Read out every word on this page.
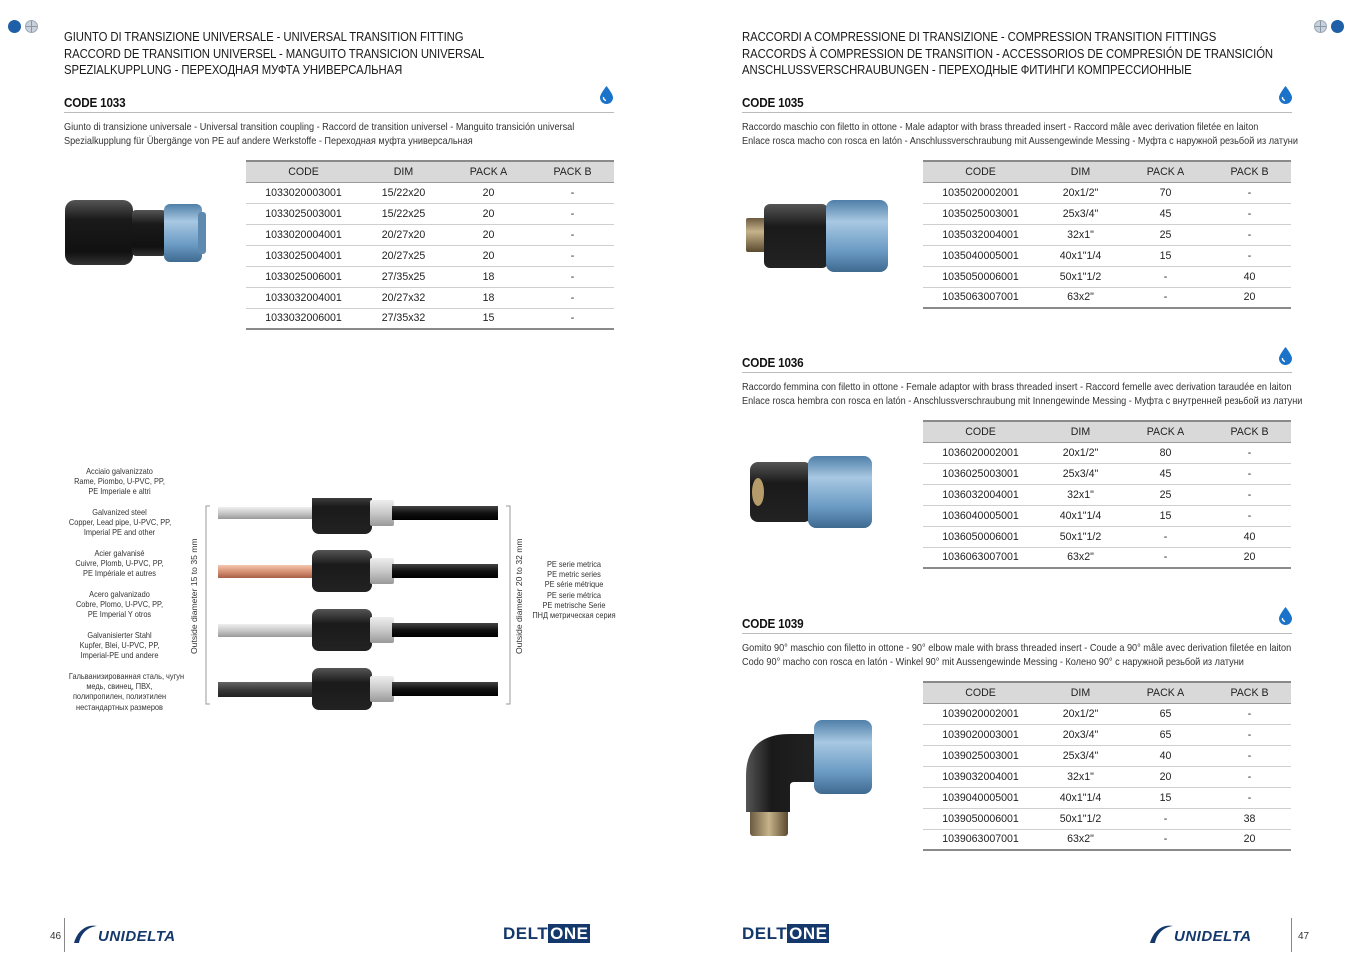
GIUNTO DI TRANSIZIONE UNIVERSALE - UNIVERSAL TRANSITION FITTING
RACCORD DE TRANSITION UNIVERSEL - MANGUITO TRANSICION UNIVERSAL
SPEZIALKUPPLUNG - ПЕРЕХОДНАЯ МУФТА УНИВЕРСАЛЬНАЯ
CODE 1033
Giunto di transizione universale - Universal transition coupling - Raccord de transition universel - Manguito transición universal
Spezialkupplung für Übergänge von PE auf andere Werkstoffe - Переходная муфта универсальная
CODE	DIM	PACK A	PACK B
1033020003001	15/22x20	20	-
1033025003001	15/22x25	20	-
1033020004001	20/27x20	20	-
1033025004001	20/27x25	20	-
1033025006001	27/35x25	18	-
1033032004001	20/27x32	18	-
1033032006001	27/35x32	15	-
Acciaio galvanizzato
Rame, Piombo, U-PVC, PP,
PE Imperiale e altri
Galvanized steel
Copper, Lead pipe, U-PVC, PP,
Imperial PE and other
Acier galvanisé
Cuivre, Plomb, U-PVC, PP,
PE Impériale et autres
Acero galvanizado
Cobre, Plomo, U-PVC, PP,
PE Imperial Y otros
Galvanisierter Stahl
Kupfer, Blei, U-PVC, PP,
Imperial-PE und andere
Гальванизированная сталь, чугун
медь, свинец, ПВХ,
полипропилен, полиэтилен
нестандартных размеров
Outside diameter 15 to 35 mm	Outside diameter 20 to 32 mm	PE serie metrica
PE metric series
PE série métrique
PE serie métrica
PE metrische Serie
ПНД метрическая серия
46 UNIDELTA	DELT ONE
RACCORDI A COMPRESSIONE DI TRANSIZIONE - COMPRESSION TRANSITION FITTINGS
RACCORDS À COMPRESSION DE TRANSITION - ACCESSORIOS DE COMPRESIÓN DE TRANSICIÓN
ANSCHLUSSVERSCHRAUBUNGEN - ПЕРЕХОДНЫЕ ФИТИНГИ КОМПРЕССИОННЫЕ
CODE 1035
Raccordo maschio con filetto in ottone - Male adaptor with brass threaded insert - Raccord mâle avec derivation filetée en laiton
Enlace rosca macho con rosca en latón - Anschlussverschraubung mit Aussengewinde Messing - Муфта с наружной резьбой из латуни
CODE	DIM	PACK A	PACK B
1035020002001	20x1/2"	70	-
1035025003001	25x3/4"	45	-
1035032004001	32x1"	25	-
1035040005001	40x1"1/4	15	-
1035050006001	50x1"1/2	-	40
1035063007001	63x2"	-	20
CODE 1036
Raccordo femmina con filetto in ottone - Female adaptor with brass threaded insert - Raccord femelle avec derivation taraudée en laiton
Enlace rosca hembra con rosca en latón - Anschlussverschraubung mit Innengewinde Messing - Муфта с внутренней резьбой из латуни
CODE	DIM	PACK A	PACK B
1036020002001	20x1/2"	80	-
1036025003001	25x3/4"	45	-
1036032004001	32x1"	25	-
1036040005001	40x1"1/4	15	-
1036050006001	50x1"1/2	-	40
1036063007001	63x2"	-	20
CODE 1039
Gomito 90° maschio con filetto in ottone - 90° elbow male with brass threaded insert - Coude a 90° mâle avec derivation filetée en laiton
Codo 90° macho con rosca en latón - Winkel 90° mit Aussengewinde Messing - Колено 90° с наружной резьбой из латуни
CODE	DIM	PACK A	PACK B
1039020002001	20x1/2"	65	-
1039020003001	20x3/4"	65	-
1039025003001	25x3/4"	40	-
1039032004001	32x1"	20	-
1039040005001	40x1"1/4	15	-
1039050006001	50x1"1/2	-	38
1039063007001	63x2"	-	20
DELT ONE	UNIDELTA	47
